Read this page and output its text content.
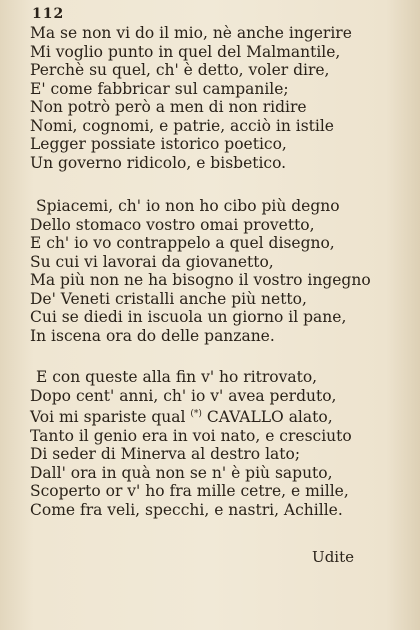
112
Ma se non vi do il mio, nè anche ingerire
Mi voglio punto in quel del Malmantile,
Perchè su quel, ch' è detto, voler dire,
E' come fabbricar sul campanile;
Non potrò però a men di non ridire
Nomi, cognomi, e patrie, acciò in istile
Legger possiate istorico poetico,
Un governo ridicolo, e bisbetico.
Spiacemi, ch' io non ho cibo più degno
Dello stomaco vostro omai provetto,
E ch' io vo contrappelo a quel disegno,
Su cui vi lavorai da giovanetto,
Ma più non ne ha bisogno il vostro ingegno
De' Veneti cristalli anche più netto,
Cui se diedi in iscuola un giorno il pane,
In iscena ora do delle panzane.
E con queste alla fin v' ho ritrovato,
Dopo cent' anni, ch' io v' avea perduto,
Voi mi spariste qual (*) CAVALLO alato,
Tanto il genio era in voi nato, e cresciuto
Di seder di Minerva al destro lato;
Dall' ora in quà non se n' è più saputo,
Scoperto or v' ho fra mille cetre, e mille,
Come fra veli, specchi, e nastri, Achille.
Udite
